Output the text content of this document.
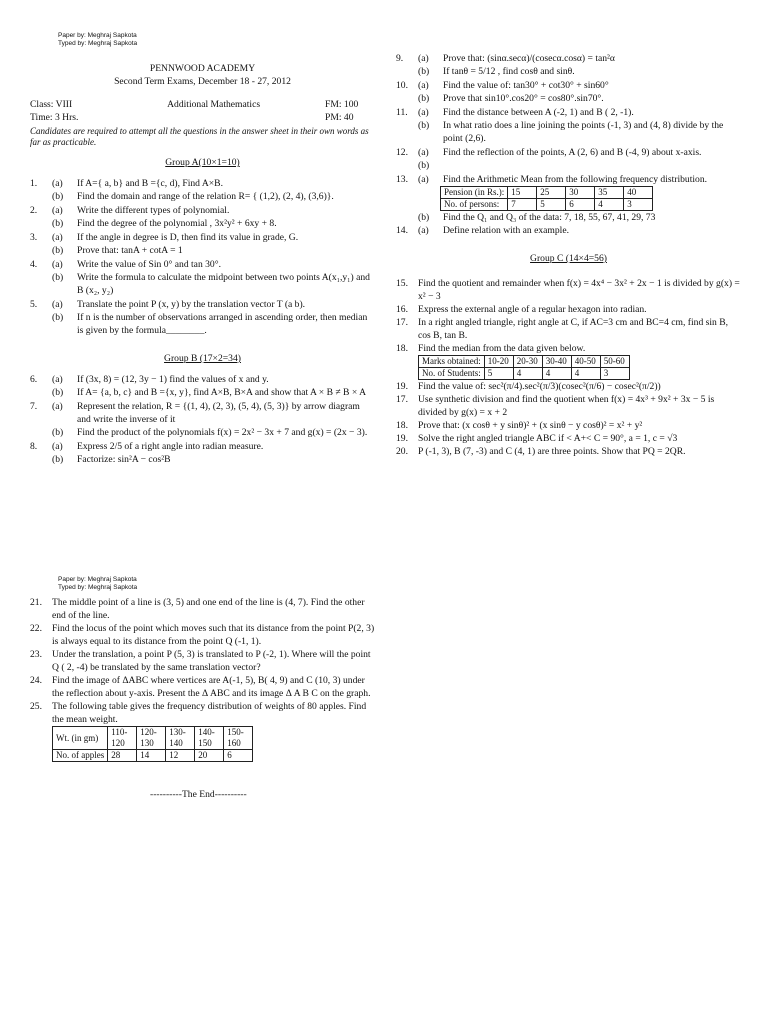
Paper by: Meghraj Sapkota
Typed by: Meghraj Sapkota
PENNWOOD ACADEMY
Second Term Exams, December 18 - 27, 2012
Class: VIII	Additional Mathematics	FM: 100
Time: 3 Hrs.	PM: 40
Candidates are required to attempt all the questions in the answer sheet in their own words as far as practicable.
Group A(10×1=10)
1.	(a)	If A={ a, b} and B ={c, d), Find A×B.
(b)	Find the domain and range of the relation R= { (1,2), (2, 4), (3,6)}.
2.	(a)	Write the different types of polynomial.
(b)	Find the degree of the polynomial , 3x²y² + 6xy + 8.
3.	(a)	If the angle in degree is D, then find its value in grade, G.
(b)	Prove that: tanA + cotA = 1
4.	(a)	Write the value of Sin 0° and tan 30°.
(b)	Write the formula to calculate the midpoint between two points A(x₁,y₁) and B (x₂, y₂)
5.	(a)	Translate the point P (x, y) by the translation vector T (a b).
(b)	If n is the number of observations arranged in ascending order, then median is given by the formula________.
Group B (17×2=34)
6.	(a)	If (3x, 8) = (12, 3y − 1) find the values of x and y.
(b)	If A= {a, b, c} and B ={x, y}, find A×B, B×A and show that A × B ≠ B × A
7.	(a)	Represent the relation, R = {(1, 4), (2, 3), (5, 4), (5, 3)} by arrow diagram and write the inverse of it
(b)	Find the product of the polynomials f(x) = 2x² − 3x + 7 and g(x) = (2x − 3).
8.	(a)	Express 2/5 of a right angle into radian measure.
(b)	Factorize: sin²A − cos²B
9.	(a)	Prove that: (sinα.secα)/(cosecα.cosα) = tan²α
(b)	If tanθ = 5/12 , find cosθ and sinθ.
10.	(a)	Find the value of: tan30° + cot30° + sin60°
(b)	Prove that sin10°.cos20° = cos80°.sin70°.
11.	(a)	Find the distance between A (-2, 1) and B ( 2, -1).
(b)	In what ratio does a line joining the points (-1, 3) and (4, 8) divide by the point (2,6).
12.	(a)	Find the reflection of the points, A (2, 6) and B (-4, 9) about x-axis.
(b)
13.	(a)	Find the Arithmetic Mean from the following frequency distribution.
Pension (in Rs.):	15	25	30	35	40
No. of persons:	7	5	6	4	3
(b)	Find the Q₁ and Q₃ of the data: 7, 18, 55, 67, 41, 29, 73
14.	(a)	Define relation with an example.
Group C (14×4=56)
15.	Find the quotient and remainder when f(x) = 4x⁴ − 3x² + 2x − 1 is divided by g(x) = x² − 3
16.	Express the external angle of a regular hexagon into radian.
17.	In a right angled triangle, right angle at C, if AC=3 cm and BC=4 cm, find sin B, cos B, tan B.
18.	Find the median from the data given below.
Marks obtained:	10-20	20-30	30-40	40-50	50-60
No. of Students:	5	4	4	4	3
19.	Find the value of: sec²(π/4).sec²(π/3)(cosec²(π/6) − cosec²(π/2))
17.	Use synthetic division and find the quotient when f(x) = 4x³ + 9x² + 3x − 5 is divided by g(x) = x + 2
18.	Prove that: (x cosθ + y sinθ)² + (x sinθ − y cosθ)² = x² + y²
19.	Solve the right angled triangle ABC if < A+< C = 90°, a = 1, c = √3
20.	P (-1, 3), B (7, -3) and C (4, 1) are three points. Show that PQ = 2QR.
Paper by: Meghraj Sapkota
Typed by: Meghraj Sapkota
21.	The middle point of a line is (3, 5) and one end of the line is (4, 7). Find the other end of the line.
22.	Find the locus of the point which moves such that its distance from the point P(2, 3) is always equal to its distance from the point Q (-1, 1).
23.	Under the translation, a point P (5, 3) is translated to P (-2, 1). Where will the point Q ( 2, -4) be translated by the same translation vector?
24.	Find the image of ΔABC where vertices are A(-1, 5), B( 4, 9) and C (10, 3) under the reflection about y-axis. Present the Δ ABC and its image Δ A B C on the graph.
25.	The following table gives the frequency distribution of weights of 80 apples. Find the mean weight.
Wt. (in gm)	110-120	120-130	130-140	140-150	150-160
No. of apples	28	14	12	20	6
----------The End----------
